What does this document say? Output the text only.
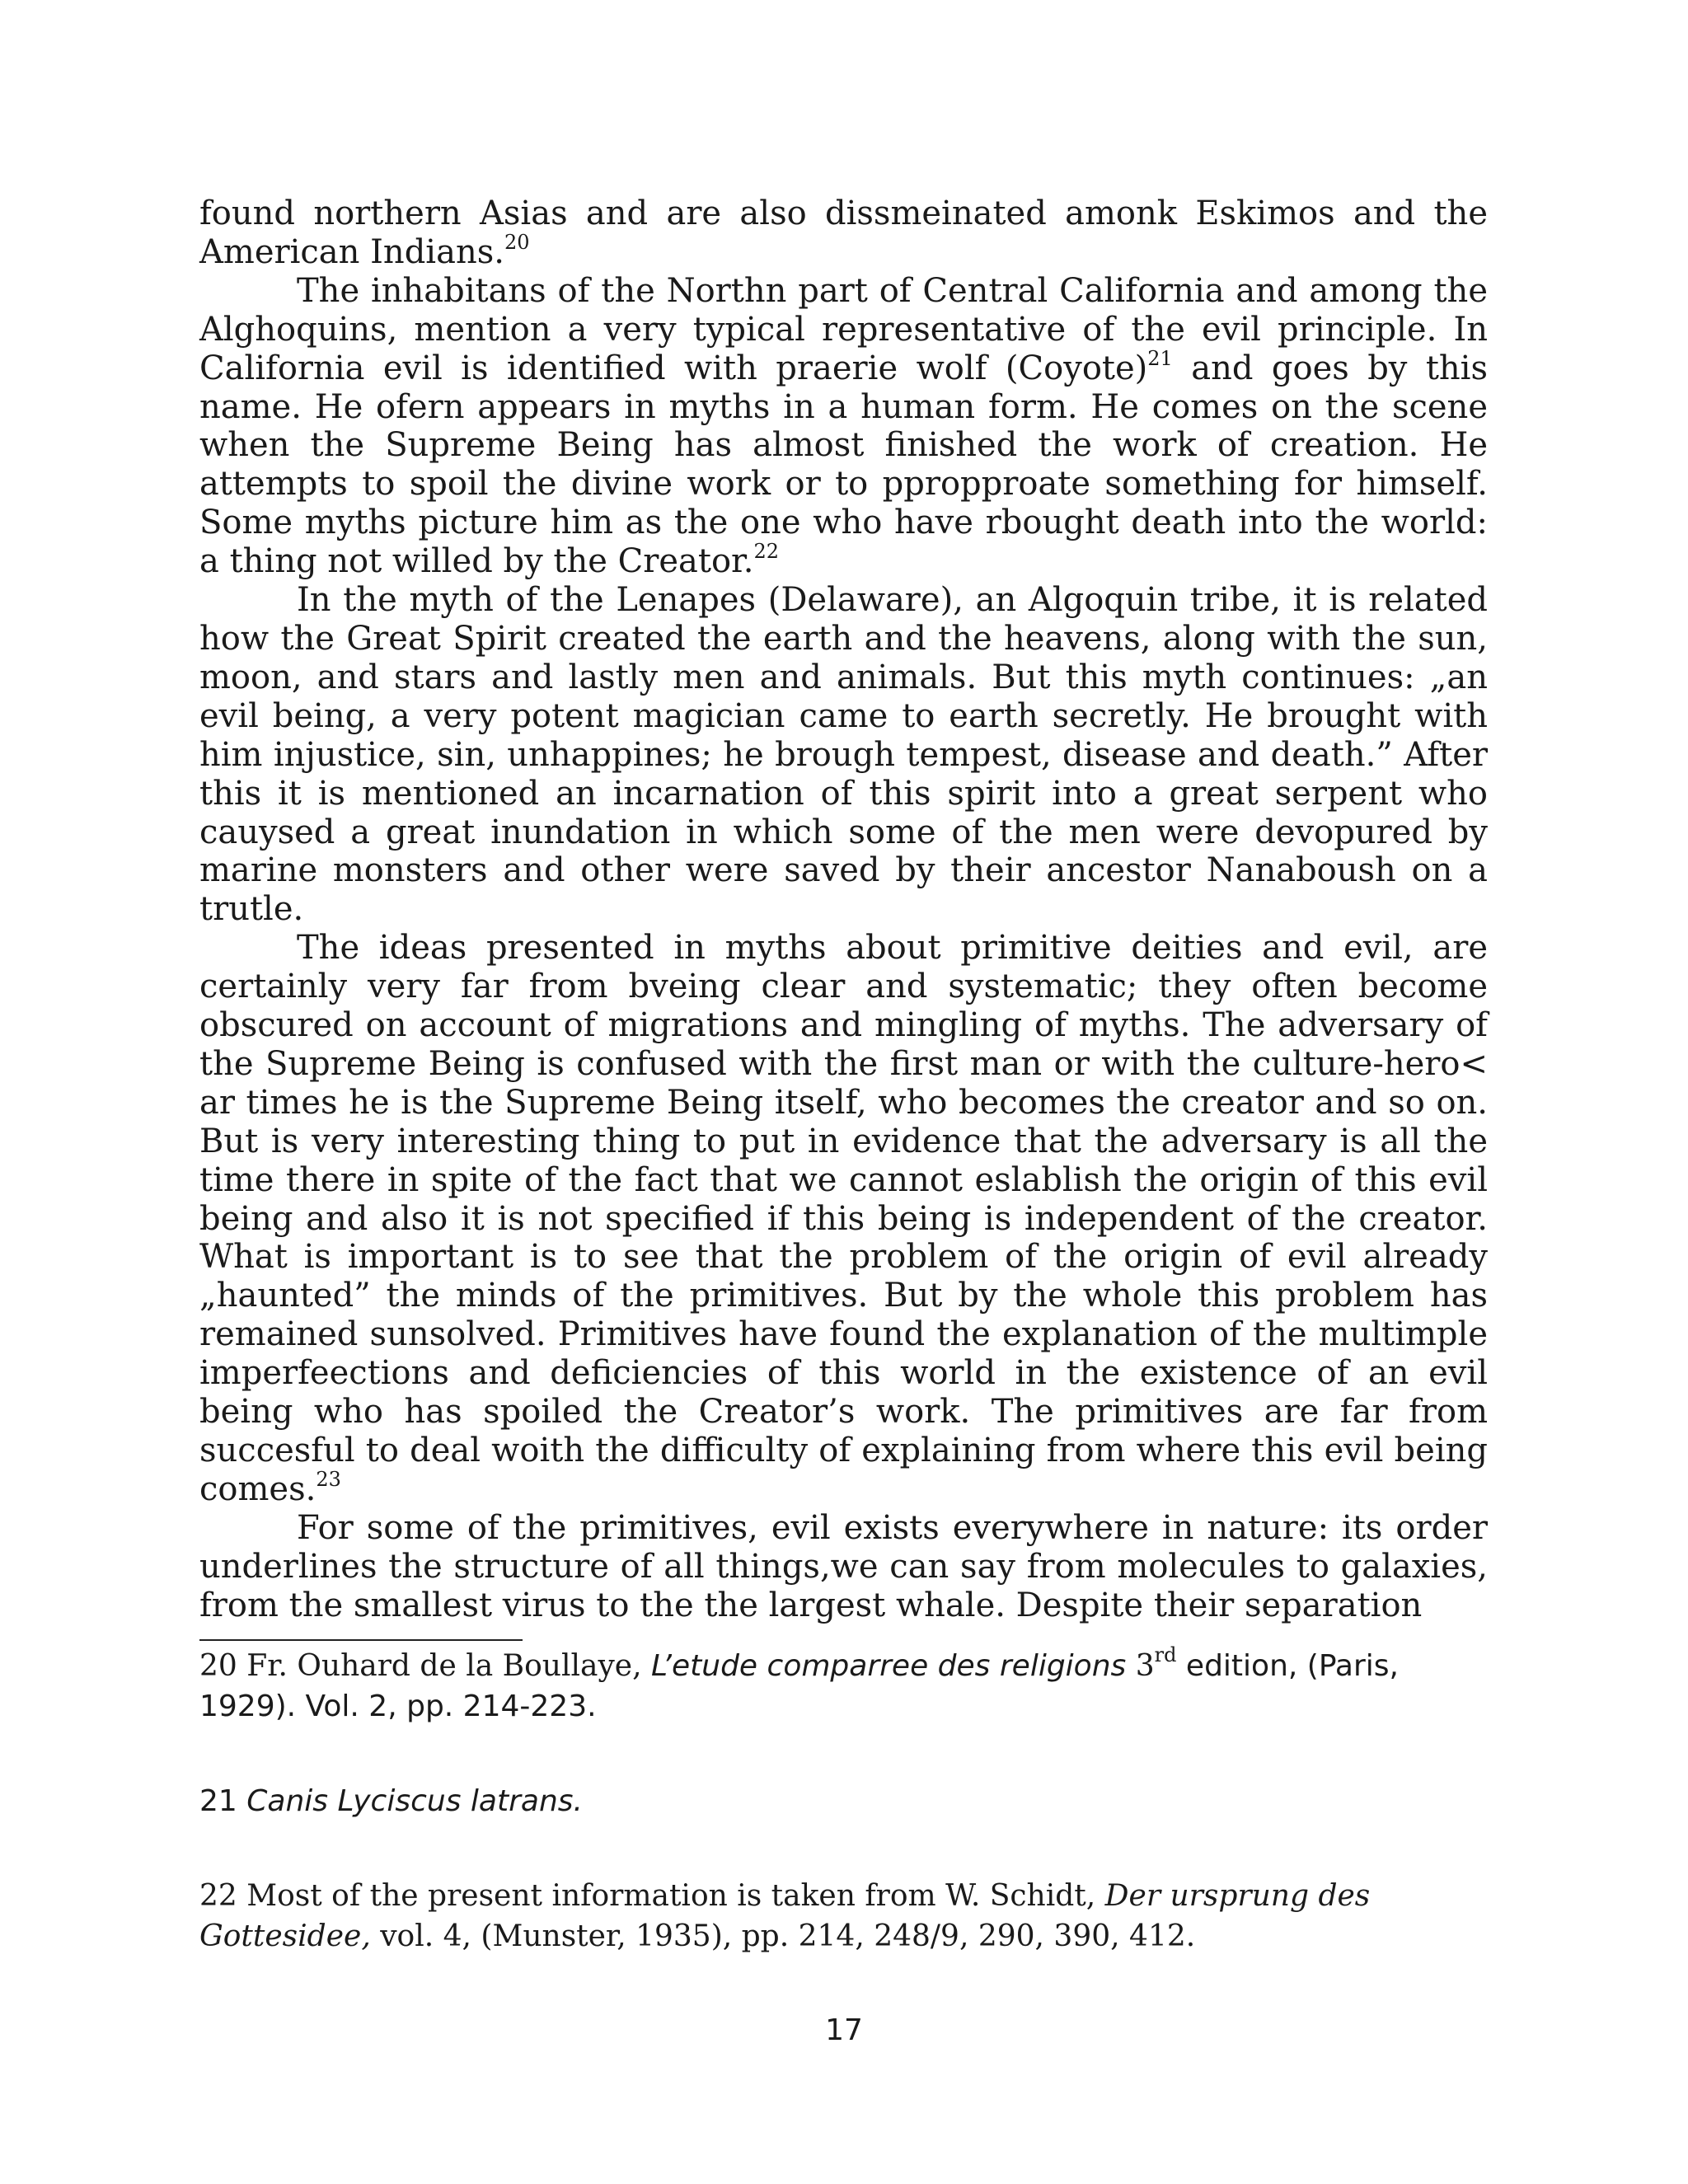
found northern Asias and are also dissmeinated amonk Eskimos and the American Indians.$^{20}$

The inhabitans of the Northn part of Central California and among the Alghoquins, mention a very typical representative of the evil principle. In California evil is identified with praerie wolf (Coyote)$^{21}$ and goes by this name. He ofern appears in myths in a human form. He comes on the scene when the Supreme Being has almost finished the work of creation. He attempts to spoil the divine work or to ppropproate something for himself. Some myths picture him as the one who have rbought death into the world: a thing not willed by the Creator.$^{22}$

In the myth of the Lenapes (Delaware), an Algoquin tribe, it is related how the Great Spirit created the earth and the heavens, along with the sun, moon, and stars and lastly men and animals. But this myth continues: „an evil being, a very potent magician came to earth secretly. He brought with him injustice, sin, unhappines; he brough tempest, disease and death.” After this it is mentioned an incarnation of this spirit into a great serpent who cauysed a great inundation in which some of the men were devopured by marine monsters and other were saved by their ancestor Nanaboush on a trutle.

The ideas presented in myths about primitive deities and evil, are certainly very far from bveing clear and systematic; they often become obscured on account of migrations and mingling of myths. The adversary of the Supreme Being is confused with the first man or with the culture-hero< ar times he is the Supreme Being itself, who becomes the creator and so on. But is very interesting thing to put in evidence that the adversary is all the time there in spite of the fact that we cannot eslablish the origin of this evil being and also it is not specified if this being is independent of the creator. What is important is to see that the problem of the origin of evil already „haunted” the minds of the primitives. But by the whole this problem has remained sunsolved. Primitives have found the explanation of the multimple imperfeections and deficiencies of this world in the existence of an evil being who has spoiled the Creator’s work. The primitives are far from succesful to deal woith the difficulty of explaining from where this evil being comes.$^{23}$

For some of the primitives, evil exists everywhere in nature: its order underlines the structure of all things,we can say from molecules to galaxies, from the smallest virus to the the largest whale. Despite their separation

20 Fr. Ouhard de la Boullaye, L’etude comparree des religions 3rd edition, (Paris, 1929). Vol. 2, pp. 214-223.

21 Canis Lyciscus latrans.

22 Most of the present information is taken from W. Schidt, Der ursprung des Gottesidee, vol. 4, (Munster, 1935), pp. 214, 248/9, 290, 390, 412.

17
